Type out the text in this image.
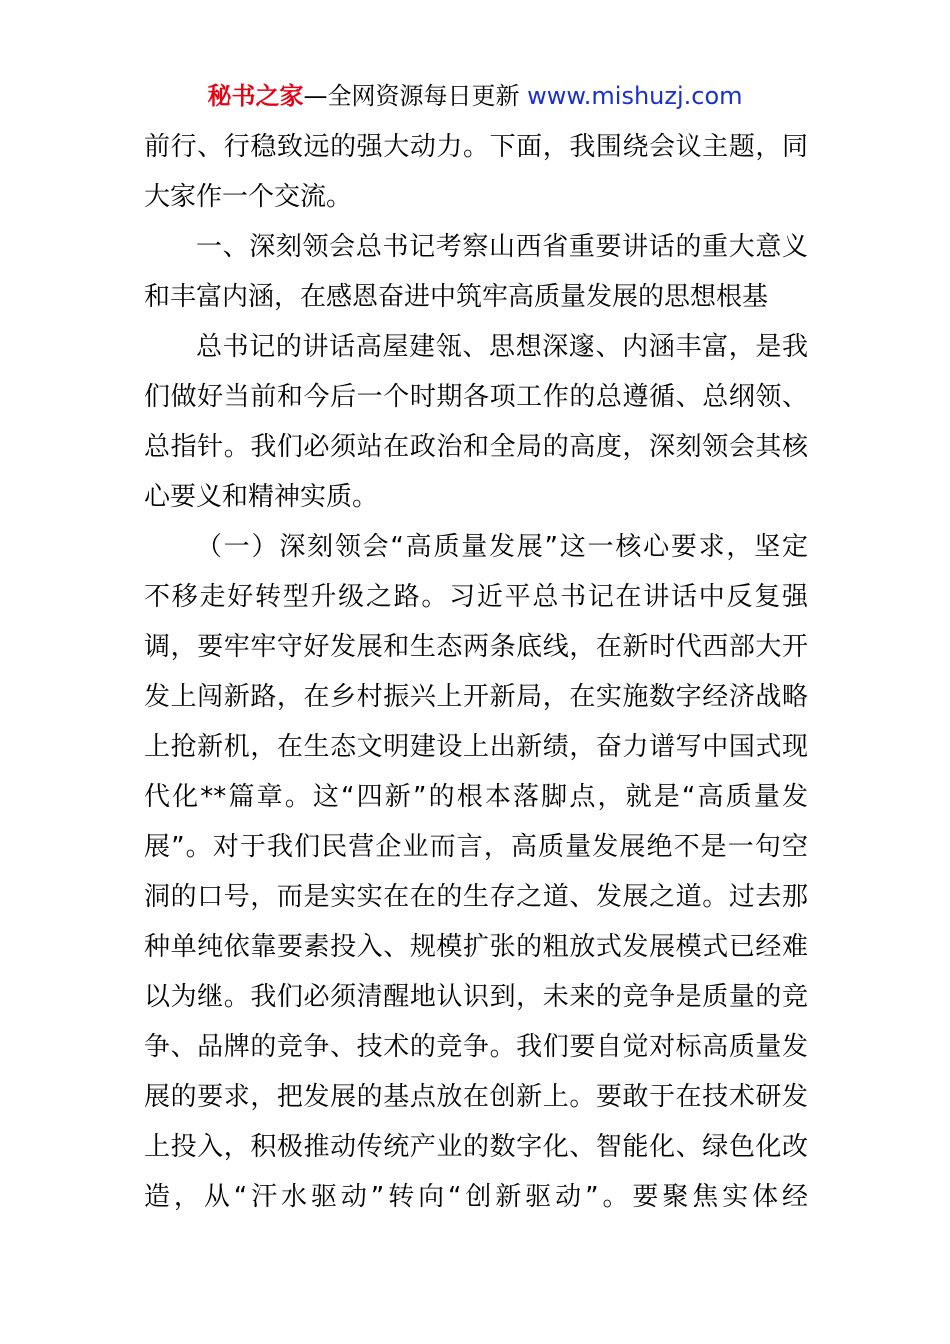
秘书之家—全网资源每日更新 www.mishuzj.com
前行、行稳致远的强大动力。下面，我围绕会议主题，同
大家作一个交流。
一、深刻领会总书记考察山西省重要讲话的重大意义
和丰富内涵，在感恩奋进中筑牢高质量发展的思想根基
总书记的讲话高屋建瓴、思想深邃、内涵丰富，是我
们做好当前和今后一个时期各项工作的总遵循、总纲领、
总指针。我们必须站在政治和全局的高度，深刻领会其核
心要义和精神实质。
（一）深刻领会“高质量发展”这一核心要求，坚定
不移走好转型升级之路。习近平总书记在讲话中反复强
调，要牢牢守好发展和生态两条底线，在新时代西部大开
发上闯新路，在乡村振兴上开新局，在实施数字经济战略
上抢新机，在生态文明建设上出新绩，奋力谱写中国式现
代化**篇章。这“四新”的根本落脚点，就是“高质量发
展”。对于我们民营企业而言，高质量发展绝不是一句空
洞的口号，而是实实在在的生存之道、发展之道。过去那
种单纯依靠要素投入、规模扩张的粗放式发展模式已经难
以为继。我们必须清醒地认识到，未来的竞争是质量的竞
争、品牌的竞争、技术的竞争。我们要自觉对标高质量发
展的要求，把发展的基点放在创新上。要敢于在技术研发
上投入，积极推动传统产业的数字化、智能化、绿色化改
造，从“汗水驱动”转向“创新驱动”。要聚焦实体经
